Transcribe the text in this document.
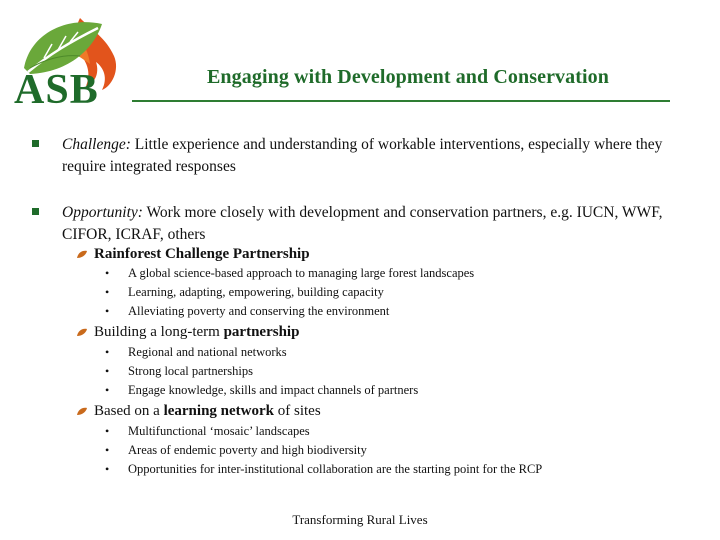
ASB	Engaging with Development and Conservation
Challenge: Little experience and understanding of workable interventions, especially where they require integrated responses
Opportunity: Work more closely with development and conservation partners, e.g. IUCN, WWF, CIFOR, ICRAF, others
Rainforest Challenge Partnership
• A global science-based approach to managing large forest landscapes
• Learning, adapting, empowering, building capacity
• Alleviating poverty and conserving the environment
Building a long-term partnership
• Regional and national networks
• Strong local partnerships
• Engage knowledge, skills and impact channels of partners
Based on a learning network of sites
• Multifunctional ‘mosaic’ landscapes
• Areas of endemic poverty and high biodiversity
• Opportunities for inter-institutional collaboration are the starting point for the RCP
Transforming Rural Lives
